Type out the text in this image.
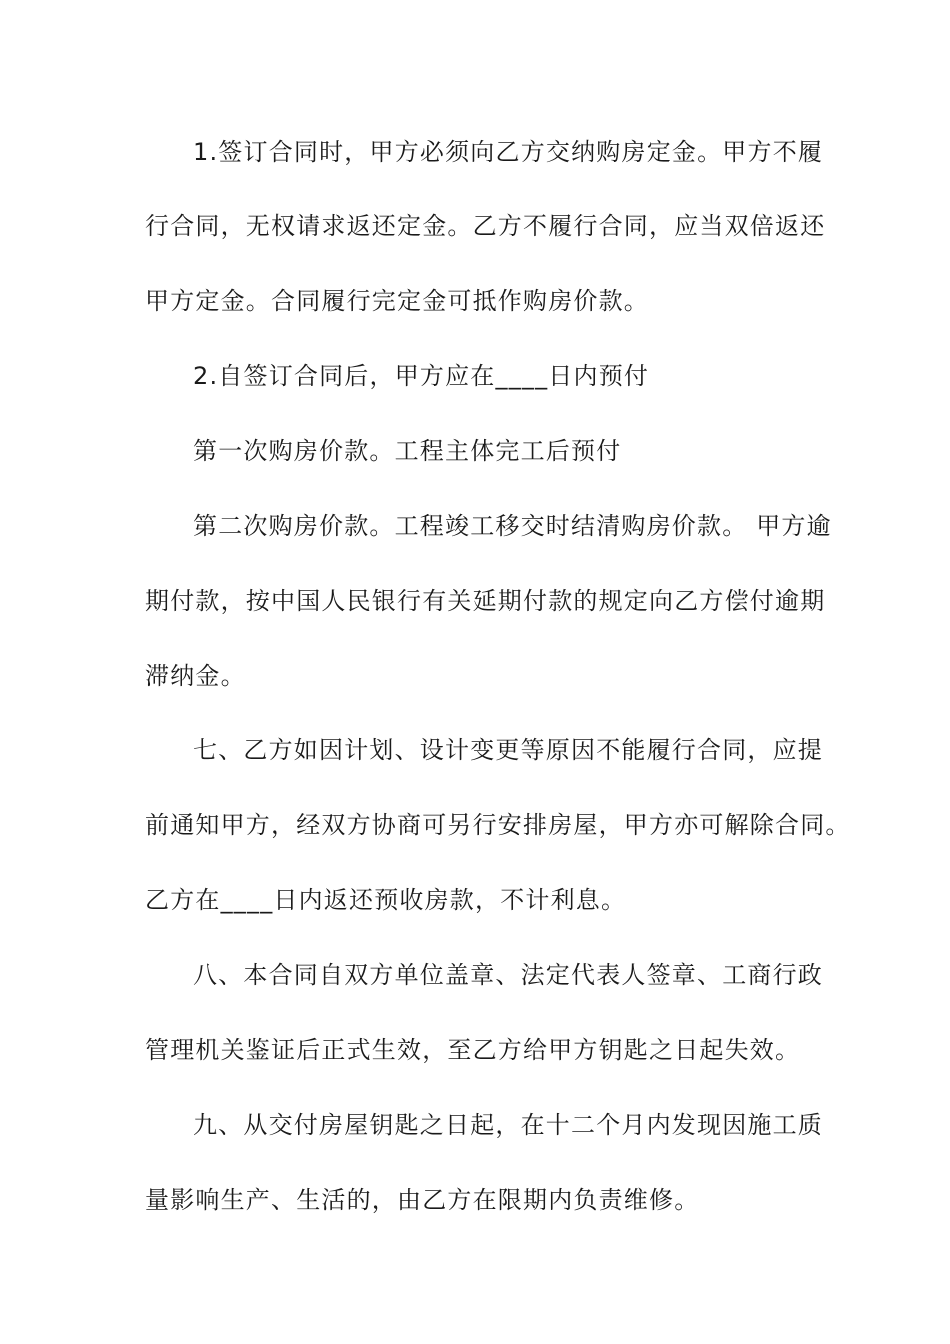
1.签订合同时，甲方必须向乙方交纳购房定金。甲方不履
行合同，无权请求返还定金。乙方不履行合同，应当双倍返还
甲方定金。合同履行完定金可抵作购房价款。
2.自签订合同后，甲方应在____日内预付
第一次购房价款。工程主体完工后预付
第二次购房价款。工程竣工移交时结清购房价款。 甲方逾
期付款，按中国人民银行有关延期付款的规定向乙方偿付逾期
滞纳金。
七、乙方如因计划、设计变更等原因不能履行合同，应提
前通知甲方，经双方协商可另行安排房屋，甲方亦可解除合同。
乙方在____日内返还预收房款，不计利息。
八、本合同自双方单位盖章、法定代表人签章、工商行政
管理机关鉴证后正式生效，至乙方给甲方钥匙之日起失效。
九、从交付房屋钥匙之日起，在十二个月内发现因施工质
量影响生产、生活的，由乙方在限期内负责维修。
